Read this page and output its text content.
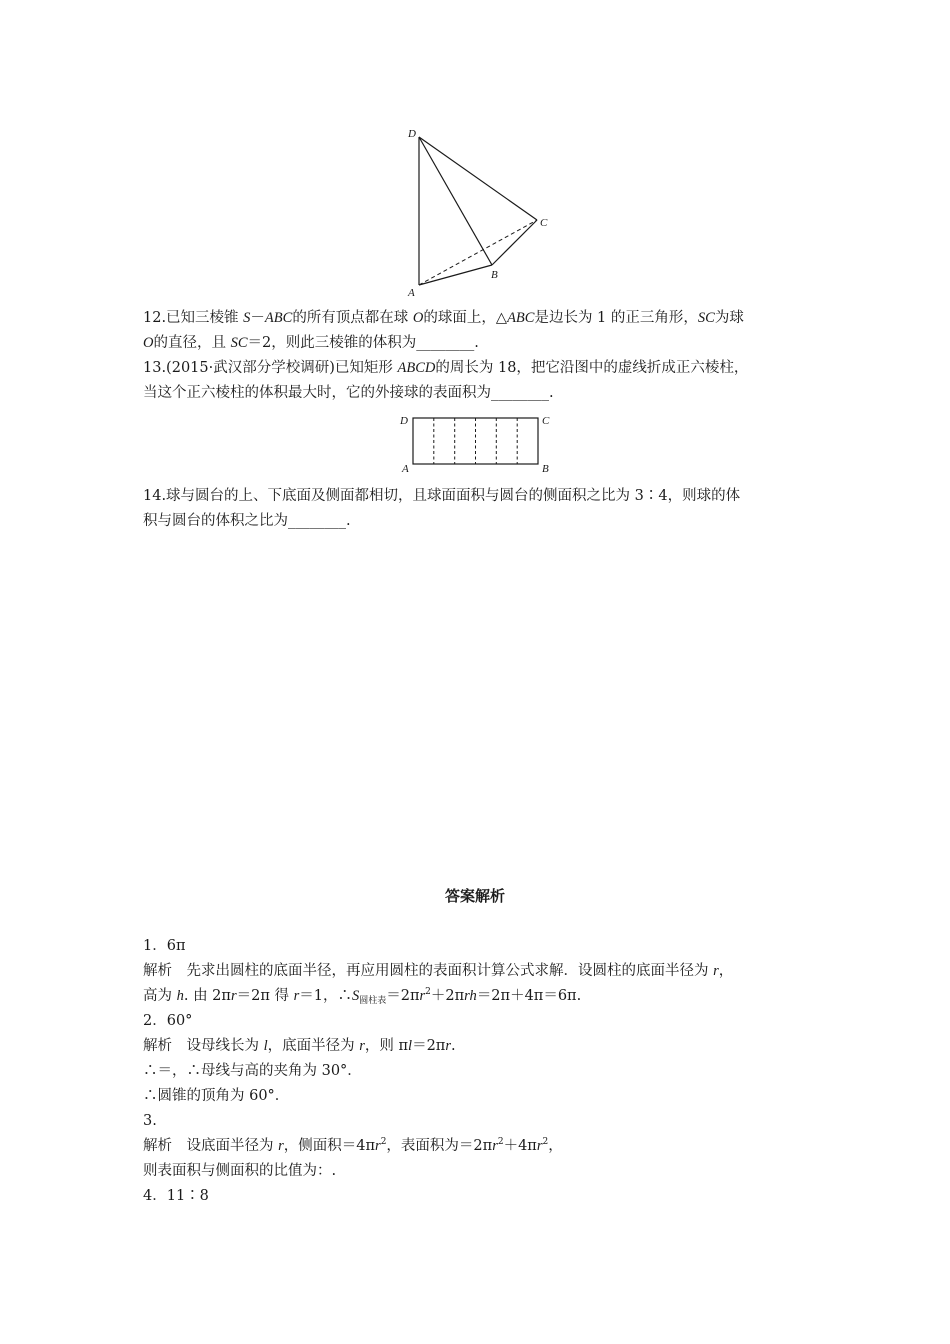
D
C
B
A
12.已知三棱锥 S－ABC的所有顶点都在球 O的球面上，△ABC是边长为 1 的正三角形，SC为球
O的直径，且 SC＝2，则此三棱锥的体积为________.
13.(2015·武汉部分学校调研)已知矩形 ABCD的周长为 18，把它沿图中的虚线折成正六棱柱，
当这个正六棱柱的体积最大时，它的外接球的表面积为________.
D	C
A	B
14.球与圆台的上、下底面及侧面都相切，且球面面积与圆台的侧面积之比为 3∶4，则球的体
积与圆台的体积之比为________.
答案解析
1．6π
解析　先求出圆柱的底面半径，再应用圆柱的表面积计算公式求解．设圆柱的底面半径为 r，
高为 h. 由 2πr＝2π 得 r＝1，$\therefore S_{圆柱表}=2\pi r^2+2\pi rh=2\pi+4\pi=6\pi$.
2．60°
解析　设母线长为 l，底面半径为 r，则 πl＝2πr.
∴＝，∴母线与高的夹角为 30°．
∴圆锥的顶角为 60°．
3.
解析　设底面半径为 r，侧面积$=4\pi r^2$，表面积为$=2\pi r^2+4\pi r^2$，
则表面积与侧面积的比值为：.
4．11∶8
